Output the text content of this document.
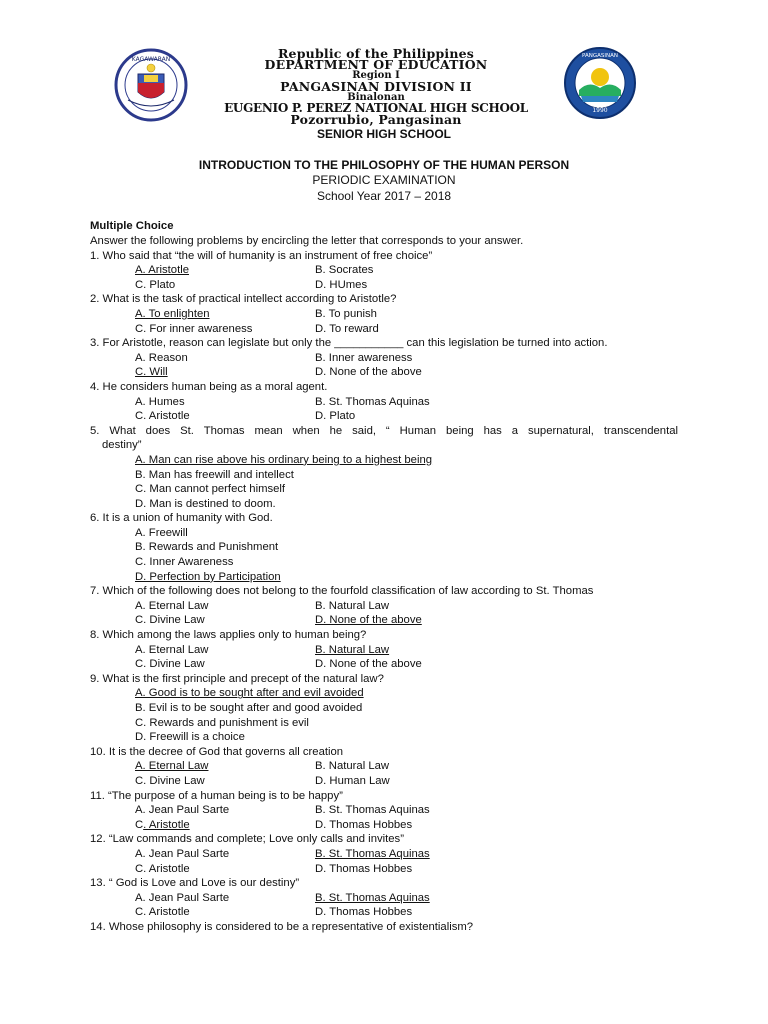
KAGAWARAN	Republic of the Philippines
DEPARTMENT OF EDUCATION
Region I
PANGASINAN DIVISION II
Binalonan
EUGENIO P. PEREZ NATIONAL HIGH SCHOOL
Pozorrubio, Pangasinan
1990
PANGASINAN
SENIOR HIGH SCHOOL
INTRODUCTION TO THE PHILOSOPHY OF THE HUMAN PERSON
PERIODIC EXAMINATION
School Year 2017 – 2018
Multiple Choice
Answer the following problems by encircling the letter that corresponds to your answer.
1. Who said that “the will of humanity is an instrument of free choice”
A. Aristotle	B. Socrates
C. Plato	D. HUmes
2. What is the task of practical intellect according to Aristotle?
A. To enlighten	B. To punish
C. For inner awareness	D. To reward
3. For Aristotle, reason can legislate but only the ___________ can this legislation be turned into action.
A. Reason	B. Inner awareness
C. Will	D. None of the above
4. He considers human being as a moral agent.
A. Humes	B. St. Thomas Aquinas
C. Aristotle	D. Plato
5. What does St. Thomas mean when he said, “ Human being has a supernatural, transcendental
destiny”
A. Man can rise above his ordinary being to a highest being
B. Man has freewill and intellect
C. Man cannot perfect himself
D. Man is destined to doom.
6. It is a union of humanity with God.
A. Freewill
B. Rewards and Punishment
C. Inner Awareness
D. Perfection by Participation
7. Which of the following does not belong to the fourfold classification of law according to St. Thomas
A. Eternal Law	B. Natural Law
C. Divine Law	D. None of the above
8. Which among the laws applies only to human being?
A. Eternal Law	B. Natural Law
C. Divine Law	D. None of the above
9. What is the first principle and precept of the natural law?
A. Good is to be sought after and evil avoided
B. Evil is to be sought after and good avoided
C. Rewards and punishment is evil
D. Freewill is a choice
10. It is the decree of God that governs all creation
A. Eternal Law	B. Natural Law
C. Divine Law	D. Human Law
11. “The purpose of a human being is to be happy”
A. Jean Paul Sarte	B. St. Thomas Aquinas
C. Aristotle	D. Thomas Hobbes
12. “Law commands and complete; Love only calls and invites”
A. Jean Paul Sarte	B. St. Thomas Aquinas
C. Aristotle	D. Thomas Hobbes
13. “ God is Love and Love is our destiny”
A. Jean Paul Sarte	B. St. Thomas Aquinas
C. Aristotle	D. Thomas Hobbes
14. Whose philosophy is considered to be a representative of existentialism?
